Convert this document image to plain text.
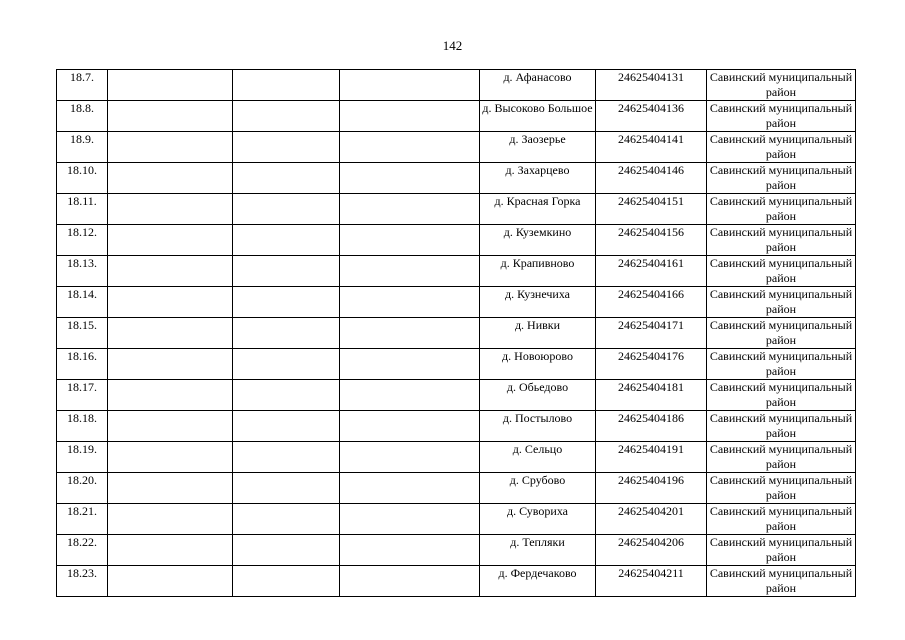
142
18.7.				д. Афанасово	24625404131	Савинский муниципальный район
18.8.				д. Высоково Большое	24625404136	Савинский муниципальный район
18.9.				д. Заозерье	24625404141	Савинский муниципальный район
18.10.				д. Захарцево	24625404146	Савинский муниципальный район
18.11.				д. Красная Горка	24625404151	Савинский муниципальный район
18.12.				д. Куземкино	24625404156	Савинский муниципальный район
18.13.				д. Крапивново	24625404161	Савинский муниципальный район
18.14.				д. Кузнечиха	24625404166	Савинский муниципальный район
18.15.				д. Нивки	24625404171	Савинский муниципальный район
18.16.				д. Новоюрово	24625404176	Савинский муниципальный район
18.17.				д. Обьедово	24625404181	Савинский муниципальный район
18.18.				д. Постылово	24625404186	Савинский муниципальный район
18.19.				д. Сельцо	24625404191	Савинский муниципальный район
18.20.				д. Срубово	24625404196	Савинский муниципальный район
18.21.				д. Сувориха	24625404201	Савинский муниципальный район
18.22.				д. Тепляки	24625404206	Савинский муниципальный район
18.23.				д. Фердечаково	24625404211	Савинский муниципальный район
